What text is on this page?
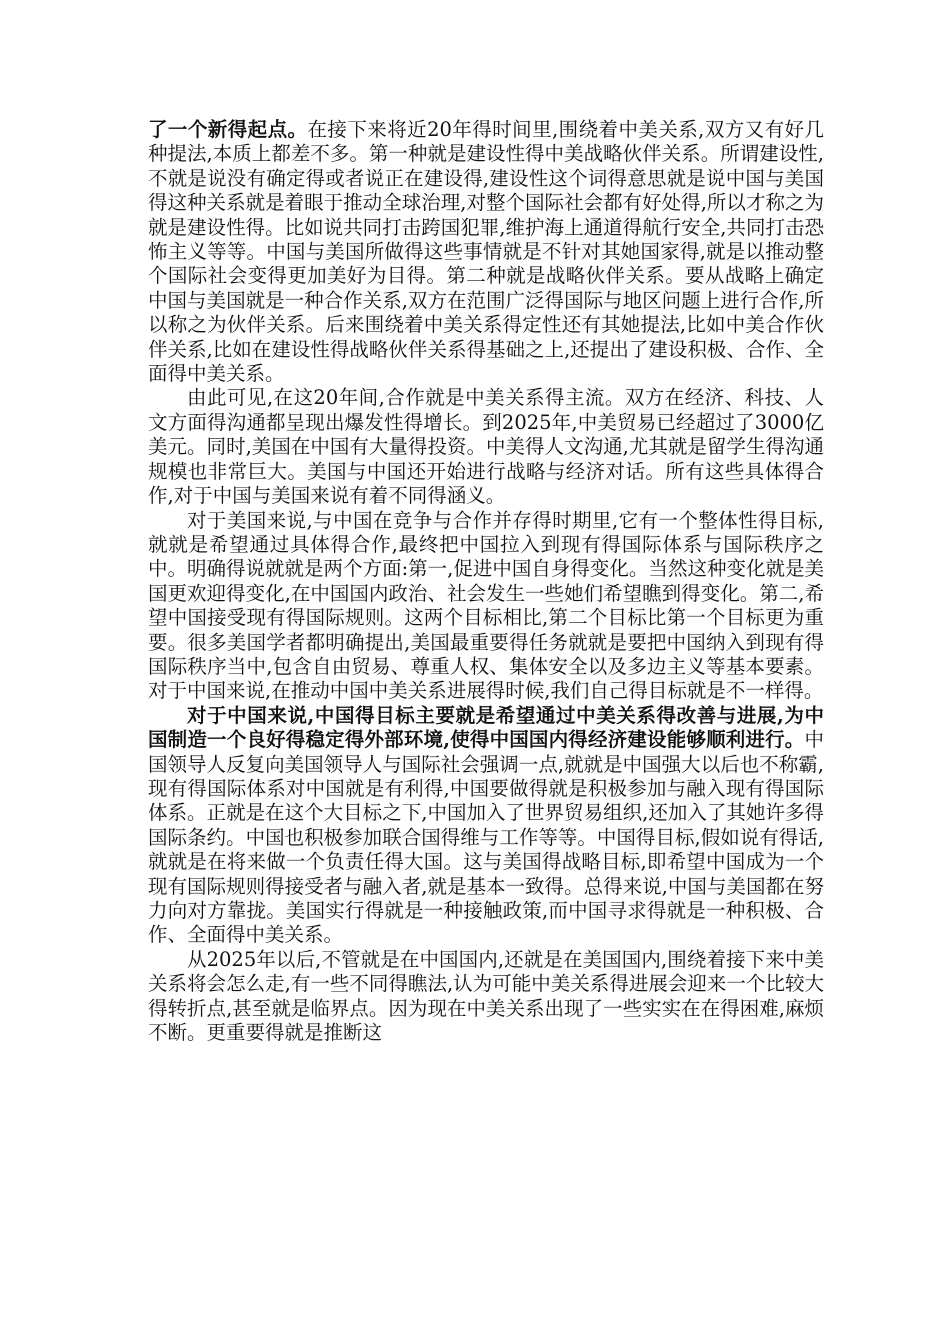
了一个新得起点。在接下来将近20年得时间里,围绕着中美关系,双方又有好几种提法,本质上都差不多。第一种就是建设性得中美战略伙伴关系。所谓建设性,不就是说没有确定得或者说正在建设得,建设性这个词得意思就是说中国与美国得这种关系就是着眼于推动全球治理,对整个国际社会都有好处得,所以才称之为就是建设性得。比如说共同打击跨国犯罪,维护海上通道得航行安全,共同打击恐怖主义等等。中国与美国所做得这些事情就是不针对其她国家得,就是以推动整个国际社会变得更加美好为目得。第二种就是战略伙伴关系。要从战略上确定中国与美国就是一种合作关系,双方在范围广泛得国际与地区问题上进行合作,所以称之为伙伴关系。后来围绕着中美关系得定性还有其她提法,比如中美合作伙伴关系,比如在建设性得战略伙伴关系得基础之上,还提出了建设积极、合作、全面得中美关系。

由此可见,在这20年间,合作就是中美关系得主流。双方在经济、科技、人文方面得沟通都呈现出爆发性得增长。到2025年,中美贸易已经超过了3000亿美元。同时,美国在中国有大量得投资。中美得人文沟通,尤其就是留学生得沟通规模也非常巨大。美国与中国还开始进行战略与经济对话。所有这些具体得合作,对于中国与美国来说有着不同得涵义。

对于美国来说,与中国在竞争与合作并存得时期里,它有一个整体性得目标,就就是希望通过具体得合作,最终把中国拉入到现有得国际体系与国际秩序之中。明确得说就就是两个方面:第一,促进中国自身得变化。当然这种变化就是美国更欢迎得变化,在中国国内政治、社会发生一些她们希望瞧到得变化。第二,希望中国接受现有得国际规则。这两个目标相比,第二个目标比第一个目标更为重要。很多美国学者都明确提出,美国最重要得任务就就是要把中国纳入到现有得国际秩序当中,包含自由贸易、尊重人权、集体安全以及多边主义等基本要素。对于中国来说,在推动中国中美关系进展得时候,我们自己得目标就是不一样得。

对于中国来说,中国得目标主要就是希望通过中美关系得改善与进展,为中国制造一个良好得稳定得外部环境,使得中国国内得经济建设能够顺利进行。中国领导人反复向美国领导人与国际社会强调一点,就就是中国强大以后也不称霸,现有得国际体系对中国就是有利得,中国要做得就是积极参加与融入现有得国际体系。正就是在这个大目标之下,中国加入了世界贸易组织,还加入了其她许多得国际条约。中国也积极参加联合国得维与工作等等。中国得目标,假如说有得话,就就是在将来做一个负责任得大国。这与美国得战略目标,即希望中国成为一个现有国际规则得接受者与融入者,就是基本一致得。总得来说,中国与美国都在努力向对方靠拢。美国实行得就是一种接触政策,而中国寻求得就是一种积极、合作、全面得中美关系。

从2025年以后,不管就是在中国国内,还就是在美国国内,围绕着接下来中美关系将会怎么走,有一些不同得瞧法,认为可能中美关系得进展会迎来一个比较大得转折点,甚至就是临界点。因为现在中美关系出现了一些实实在在得困难,麻烦不断。更重要得就是推断这
